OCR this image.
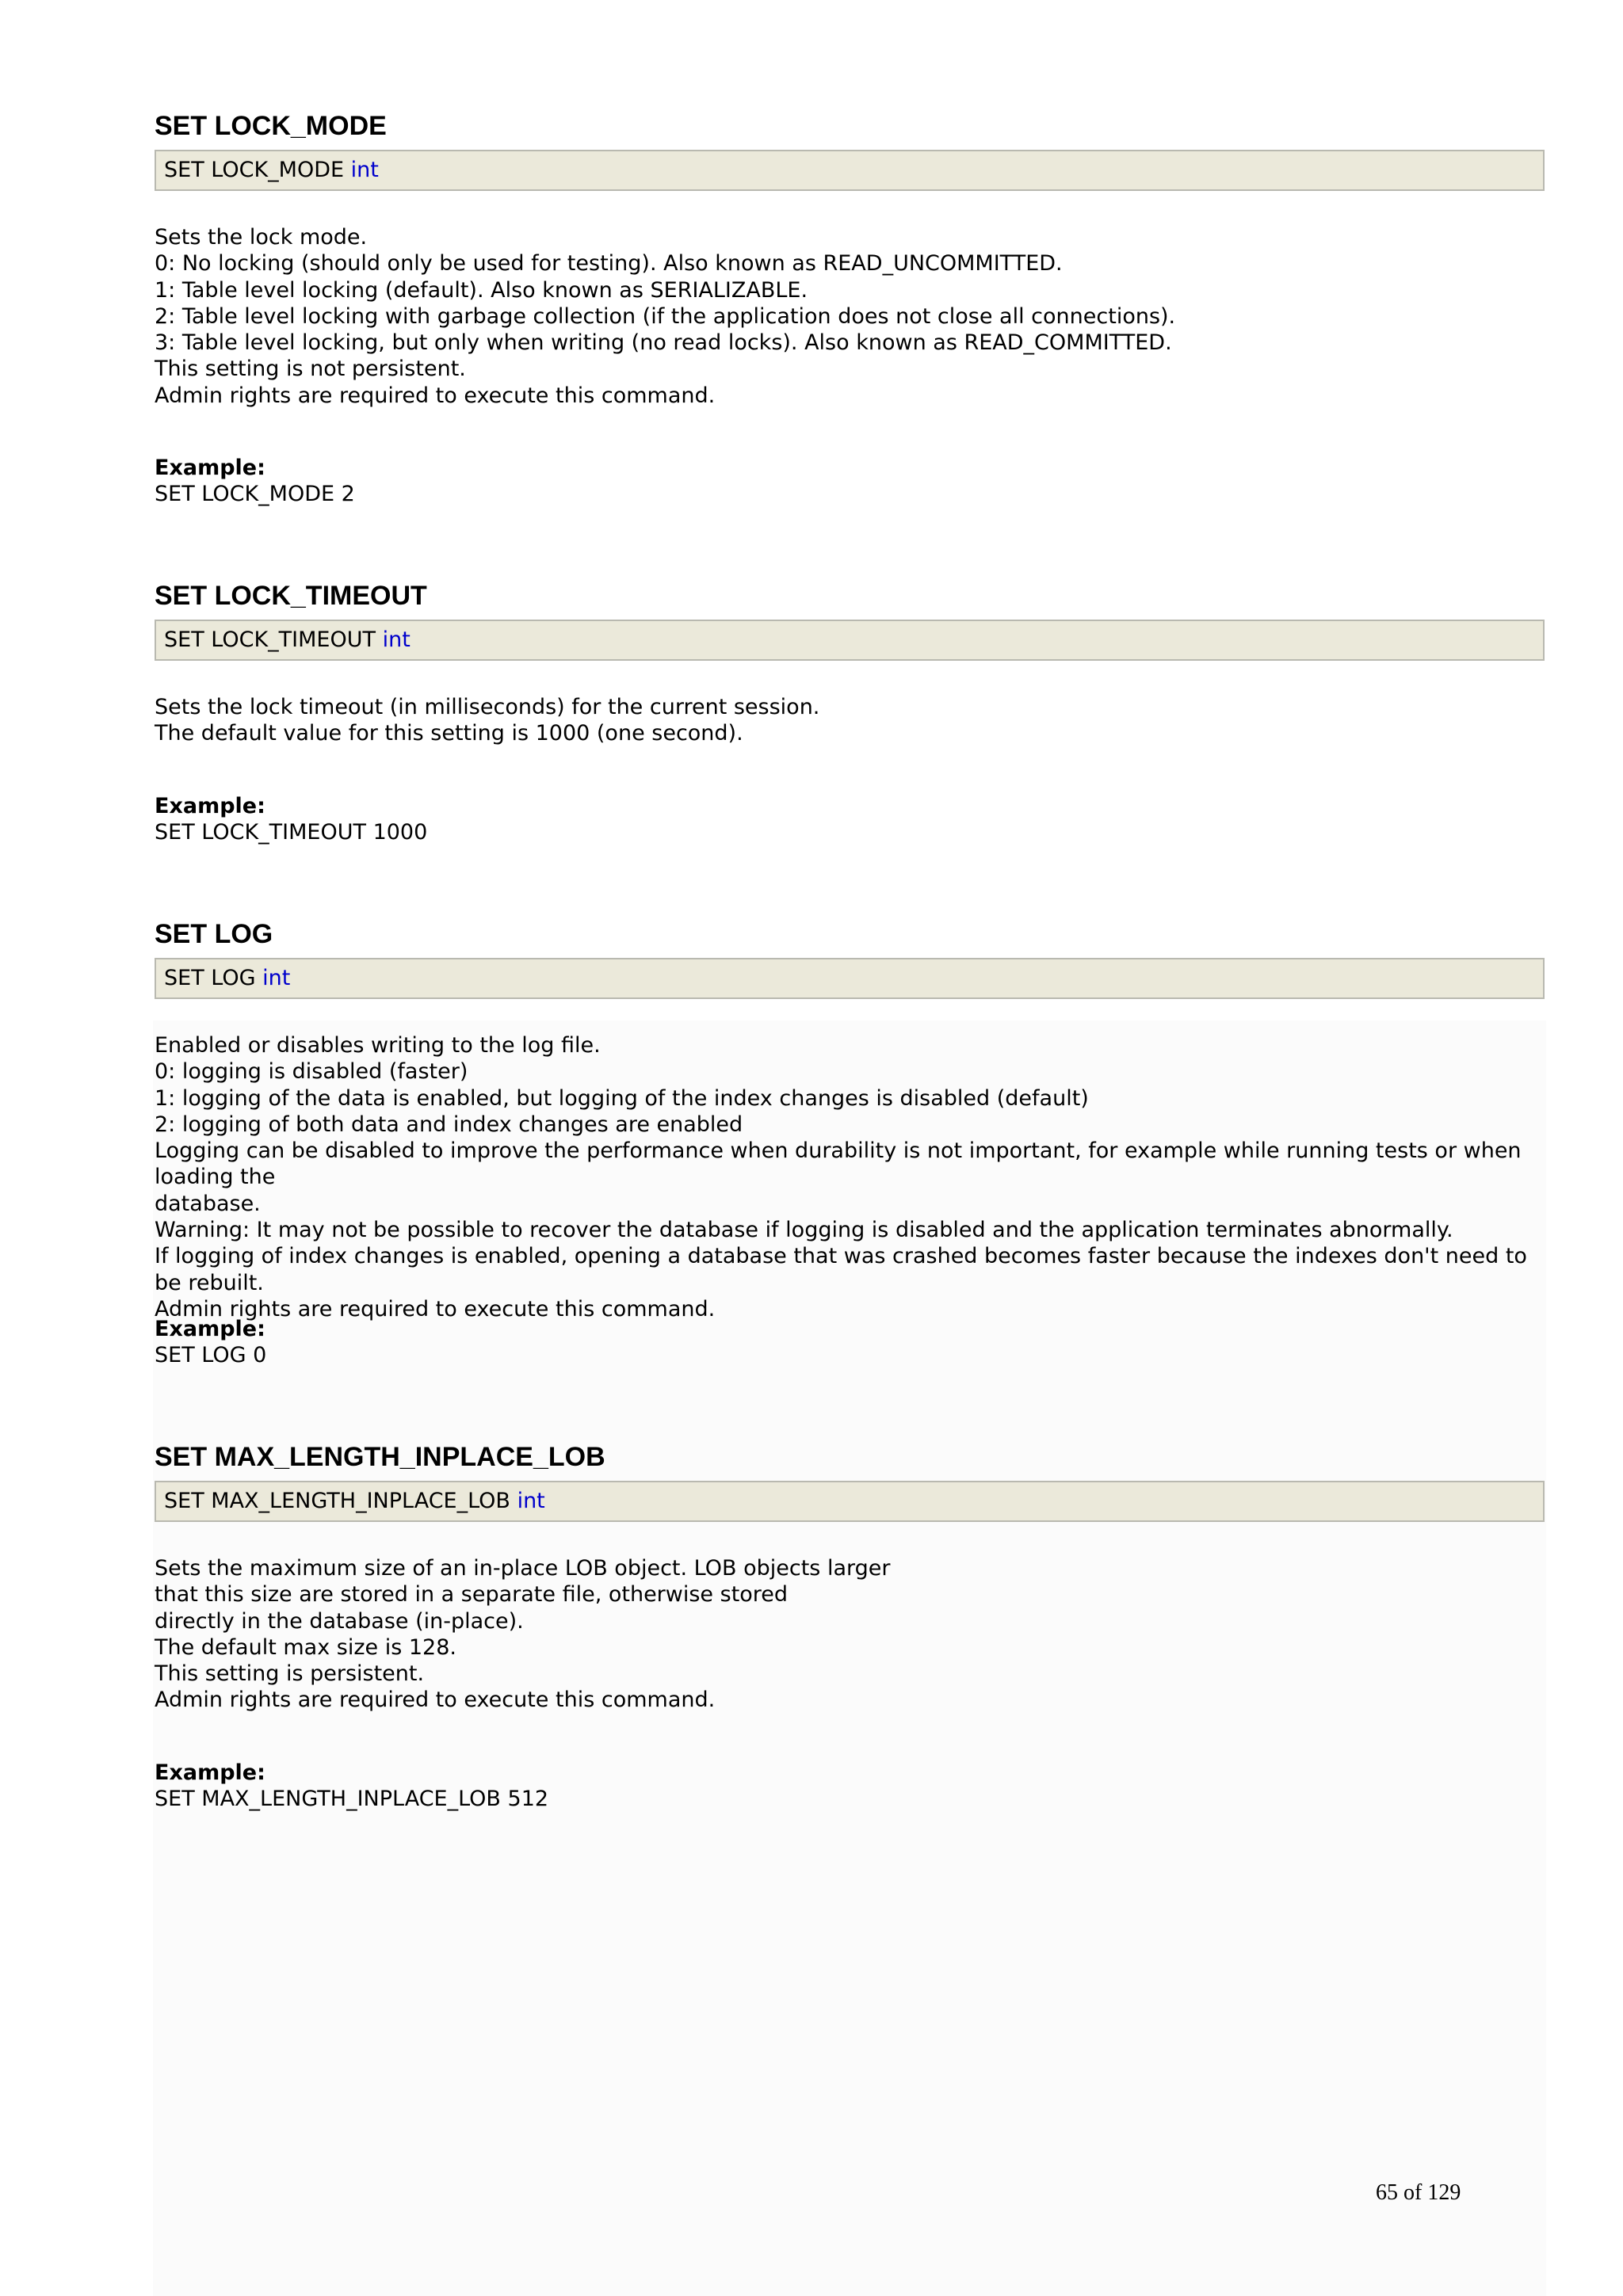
SET LOCK_MODE
SET LOCK_MODE int
Sets the lock mode.
0: No locking (should only be used for testing). Also known as READ_UNCOMMITTED.
1: Table level locking (default). Also known as SERIALIZABLE.
2: Table level locking with garbage collection (if the application does not close all connections).
3: Table level locking, but only when writing (no read locks). Also known as READ_COMMITTED.
This setting is not persistent.
Admin rights are required to execute this command.
Example:
SET LOCK_MODE 2
SET LOCK_TIMEOUT
SET LOCK_TIMEOUT int
Sets the lock timeout (in milliseconds) for the current session.
The default value for this setting is 1000 (one second).
Example:
SET LOCK_TIMEOUT 1000
SET LOG
SET LOG int
Enabled or disables writing to the log file.
0: logging is disabled (faster)
1: logging of the data is enabled, but logging of the index changes is disabled (default)
2: logging of both data and index changes are enabled
Logging can be disabled to improve the performance when durability is not important, for example while running tests or when loading the
database.
Warning: It may not be possible to recover the database if logging is disabled and the application terminates abnormally.
If logging of index changes is enabled, opening a database that was crashed becomes faster because the indexes don't need to be rebuilt.
Admin rights are required to execute this command.
Example:
SET LOG 0
SET MAX_LENGTH_INPLACE_LOB
SET MAX_LENGTH_INPLACE_LOB int
Sets the maximum size of an in-place LOB object. LOB objects larger
that this size are stored in a separate file, otherwise stored
directly in the database (in-place).
The default max size is 128.
This setting is persistent.
Admin rights are required to execute this command.
Example:
SET MAX_LENGTH_INPLACE_LOB 512
65 of 129
